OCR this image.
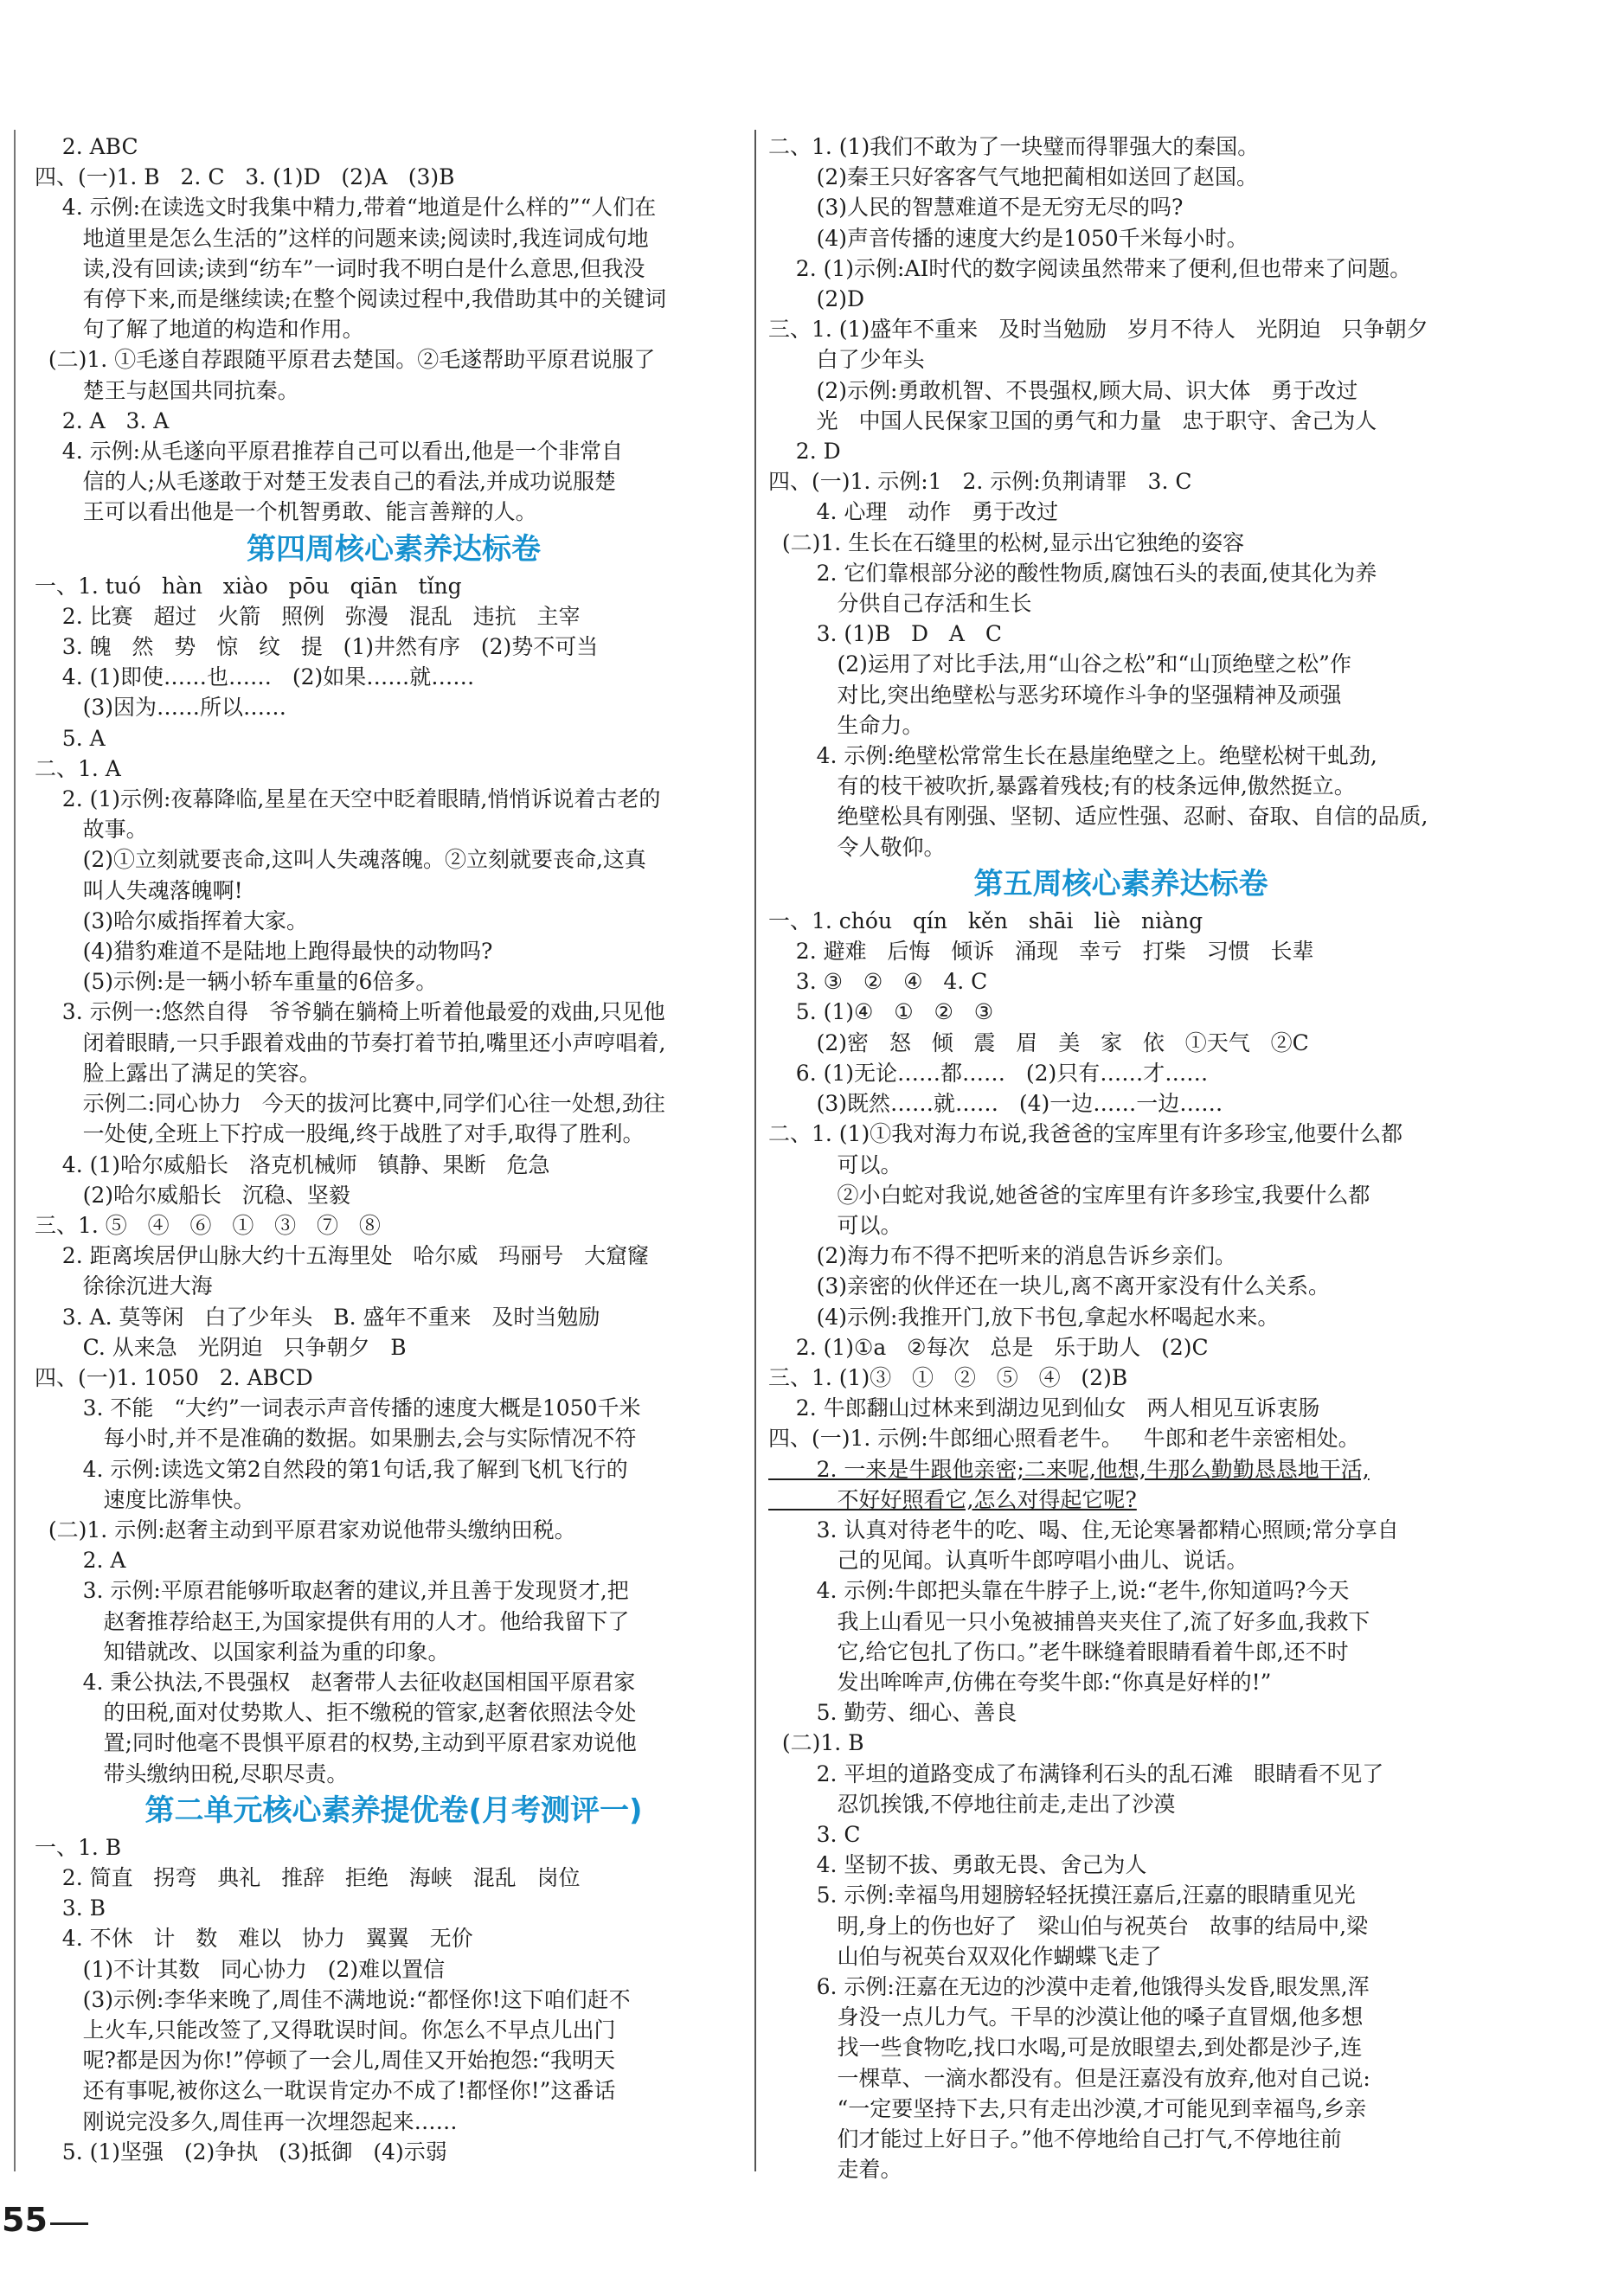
2. ABC
四、(一)1. B   2. C   3. (1)D   (2)A   (3)B
4. 示例:在读选文时我集中精力,带着“地道是什么样的”“人们在
地道里是怎么生活的”这样的问题来读;阅读时,我连词成句地
读,没有回读;读到“纺车”一词时我不明白是什么意思,但我没
有停下来,而是继续读;在整个阅读过程中,我借助其中的关键词
句了解了地道的构造和作用。
(二)1. ①毛遂自荐跟随平原君去楚国。②毛遂帮助平原君说服了
楚王与赵国共同抗秦。
2. A   3. A
4. 示例:从毛遂向平原君推荐自己可以看出,他是一个非常自
信的人;从毛遂敢于对楚王发表自己的看法,并成功说服楚
王可以看出他是一个机智勇敢、能言善辩的人。
第四周核心素养达标卷
一、1. tuó   hàn   xiào   pōu   qiān   tǐng
2. 比赛   超过   火箭   照例   弥漫   混乱   违抗   主宰
3. 魄   然   势   惊   纹   提   (1)井然有序   (2)势不可当
4. (1)即使……也……   (2)如果……就……
(3)因为……所以……
5. A
二、1. A
2. (1)示例:夜幕降临,星星在天空中眨着眼睛,悄悄诉说着古老的
故事。
(2)①立刻就要丧命,这叫人失魂落魄。②立刻就要丧命,这真
叫人失魂落魄啊!
(3)哈尔威指挥着大家。
(4)猎豹难道不是陆地上跑得最快的动物吗?
(5)示例:是一辆小轿车重量的6倍多。
3. 示例一:悠然自得   爷爷躺在躺椅上听着他最爱的戏曲,只见他
闭着眼睛,一只手跟着戏曲的节奏打着节拍,嘴里还小声哼唱着,
脸上露出了满足的笑容。
示例二:同心协力   今天的拔河比赛中,同学们心往一处想,劲往
一处使,全班上下拧成一股绳,终于战胜了对手,取得了胜利。
4. (1)哈尔威船长   洛克机械师   镇静、果断   危急
(2)哈尔威船长   沉稳、坚毅
三、1. ⑤   ④   ⑥   ①   ③   ⑦   ⑧
2. 距离埃居伊山脉大约十五海里处   哈尔威   玛丽号   大窟窿
徐徐沉进大海
3. A. 莫等闲   白了少年头   B. 盛年不重来   及时当勉励
C. 从来急   光阴迫   只争朝夕   B
四、(一)1. 1050   2. ABCD
3. 不能   “大约”一词表示声音传播的速度大概是1050千米
每小时,并不是准确的数据。如果删去,会与实际情况不符
4. 示例:读选文第2自然段的第1句话,我了解到飞机飞行的
速度比游隼快。
(二)1. 示例:赵奢主动到平原君家劝说他带头缴纳田税。
2. A
3. 示例:平原君能够听取赵奢的建议,并且善于发现贤才,把
赵奢推荐给赵王,为国家提供有用的人才。他给我留下了
知错就改、以国家利益为重的印象。
4. 秉公执法,不畏强权   赵奢带人去征收赵国相国平原君家
的田税,面对仗势欺人、拒不缴税的管家,赵奢依照法令处
置;同时他毫不畏惧平原君的权势,主动到平原君家劝说他
带头缴纳田税,尽职尽责。
第二单元核心素养提优卷(月考测评一)
一、1. B
2. 简直   拐弯   典礼   推辞   拒绝   海峡   混乱   岗位
3. B
4. 不休   计   数   难以   协力   翼翼   无价
(1)不计其数   同心协力   (2)难以置信
(3)示例:李华来晚了,周佳不满地说:“都怪你!这下咱们赶不
上火车,只能改签了,又得耽误时间。你怎么不早点儿出门
呢?都是因为你!”停顿了一会儿,周佳又开始抱怨:“我明天
还有事呢,被你这么一耽误肯定办不成了!都怪你!”这番话
刚说完没多久,周佳再一次埋怨起来……
5. (1)坚强   (2)争执   (3)抵御   (4)示弱
二、1. (1)我们不敢为了一块璧而得罪强大的秦国。
(2)秦王只好客客气气地把蔺相如送回了赵国。
(3)人民的智慧难道不是无穷无尽的吗?
(4)声音传播的速度大约是1050千米每小时。
2. (1)示例:AI时代的数字阅读虽然带来了便利,但也带来了问题。
(2)D
三、1. (1)盛年不重来   及时当勉励   岁月不待人   光阴迫   只争朝夕
白了少年头
(2)示例:勇敢机智、不畏强权,顾大局、识大体   勇于改过
光   中国人民保家卫国的勇气和力量   忠于职守、舍己为人
2. D
四、(一)1. 示例:1   2. 示例:负荆请罪   3. C
4. 心理   动作   勇于改过
(二)1. 生长在石缝里的松树,显示出它独绝的姿容
2. 它们靠根部分泌的酸性物质,腐蚀石头的表面,使其化为养
分供自己存活和生长
3. (1)B   D   A   C
(2)运用了对比手法,用“山谷之松”和“山顶绝壁之松”作
对比,突出绝壁松与恶劣环境作斗争的坚强精神及顽强
生命力。
4. 示例:绝壁松常常生长在悬崖绝壁之上。绝壁松树干虬劲,
有的枝干被吹折,暴露着残枝;有的枝条远伸,傲然挺立。
绝壁松具有刚强、坚韧、适应性强、忍耐、奋取、自信的品质,
令人敬仰。
第五周核心素养达标卷
一、1. chóu   qín   kěn   shāi   liè   niàng
2. 避难   后悔   倾诉   涌现   幸亏   打柴   习惯   长辈
3. ③   ②   ④   4. C
5. (1)④   ①   ②   ③
(2)密   怒   倾   震   眉   美   家   依   ①天气   ②C
6. (1)无论……都……   (2)只有……才……
(3)既然……就……   (4)一边……一边……
二、1. (1)①我对海力布说,我爸爸的宝库里有许多珍宝,他要什么都
可以。
②小白蛇对我说,她爸爸的宝库里有许多珍宝,我要什么都
可以。
(2)海力布不得不把听来的消息告诉乡亲们。
(3)亲密的伙伴还在一块儿,离不离开家没有什么关系。
(4)示例:我推开门,放下书包,拿起水杯喝起水来。
2. (1)①a   ②每次   总是   乐于助人   (2)C
三、1. (1)③   ①   ②   ⑤   ④   (2)B
2. 牛郎翻山过林来到湖边见到仙女   两人相见互诉衷肠
四、(一)1. 示例:牛郎细心照看老牛。   牛郎和老牛亲密相处。
2. 一来是牛跟他亲密;二来呢,他想,牛那么勤勤恳恳地干活,
不好好照看它,怎么对得起它呢?
3. 认真对待老牛的吃、喝、住,无论寒暑都精心照顾;常分享自
己的见闻。认真听牛郎哼唱小曲儿、说话。
4. 示例:牛郎把头靠在牛脖子上,说:“老牛,你知道吗?今天
我上山看见一只小兔被捕兽夹夹住了,流了好多血,我救下
它,给它包扎了伤口。”老牛眯缝着眼睛看着牛郎,还不时
发出哞哞声,仿佛在夸奖牛郎:“你真是好样的!”
5. 勤劳、细心、善良
(二)1. B
2. 平坦的道路变成了布满锋利石头的乱石滩   眼睛看不见了
忍饥挨饿,不停地往前走,走出了沙漠
3. C
4. 坚韧不拔、勇敢无畏、舍己为人
5. 示例:幸福鸟用翅膀轻轻抚摸汪嘉后,汪嘉的眼睛重见光
明,身上的伤也好了   梁山伯与祝英台   故事的结局中,梁
山伯与祝英台双双化作蝴蝶飞走了
6. 示例:汪嘉在无边的沙漠中走着,他饿得头发昏,眼发黑,浑
身没一点儿力气。干旱的沙漠让他的嗓子直冒烟,他多想
找一些食物吃,找口水喝,可是放眼望去,到处都是沙子,连
一棵草、一滴水都没有。但是汪嘉没有放弃,他对自己说:
“一定要坚持下去,只有走出沙漠,才可能见到幸福鸟,乡亲
们才能过上好日子。”他不停地给自己打气,不停地往前
走着。
55
